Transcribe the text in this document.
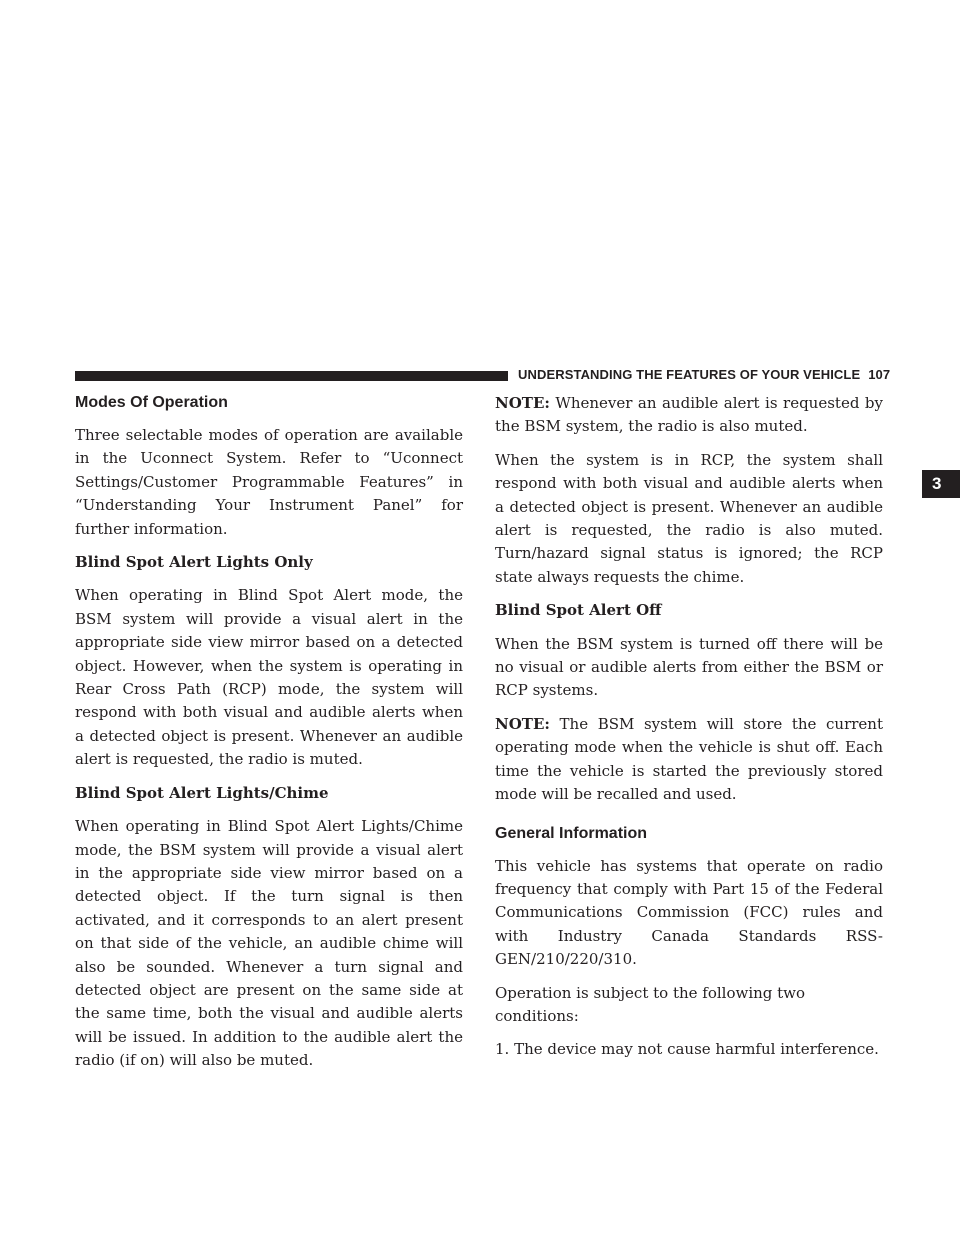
UNDERSTANDING THE FEATURES OF YOUR VEHICLE 107
3
Modes Of Operation

Three selectable modes of operation are available in the Uconnect System. Refer to “Uconnect Settings/Customer Programmable Features” in “Understanding Your Instrument Panel” for further information.

Blind Spot Alert Lights Only

When operating in Blind Spot Alert mode, the BSM system will provide a visual alert in the appropriate side view mirror based on a detected object. However, when the system is operating in Rear Cross Path (RCP) mode, the system will respond with both visual and audible alerts when a detected object is present. Whenever an audible alert is requested, the radio is muted.

Blind Spot Alert Lights/Chime

When operating in Blind Spot Alert Lights/Chime mode, the BSM system will provide a visual alert in the appropriate side view mirror based on a detected object. If the turn signal is then activated, and it corresponds to an alert present on that side of the vehicle, an audible chime will also be sounded. Whenever a turn signal and detected object are present on the same side at the same time, both the visual and audible alerts will be issued. In addition to the audible alert the radio (if on) will also be muted.

NOTE: Whenever an audible alert is requested by the BSM system, the radio is also muted.

When the system is in RCP, the system shall respond with both visual and audible alerts when a detected object is present. Whenever an audible alert is requested, the radio is also muted. Turn/hazard signal status is ignored; the RCP state always requests the chime.

Blind Spot Alert Off

When the BSM system is turned off there will be no visual or audible alerts from either the BSM or RCP systems.

NOTE: The BSM system will store the current operating mode when the vehicle is shut off. Each time the vehicle is started the previously stored mode will be recalled and used.

General Information

This vehicle has systems that operate on radio frequency that comply with Part 15 of the Federal Communications Commission (FCC) rules and with Industry Canada Standards RSS- GEN/210/220/310.

Operation is subject to the following two conditions:

1. The device may not cause harmful interference.
